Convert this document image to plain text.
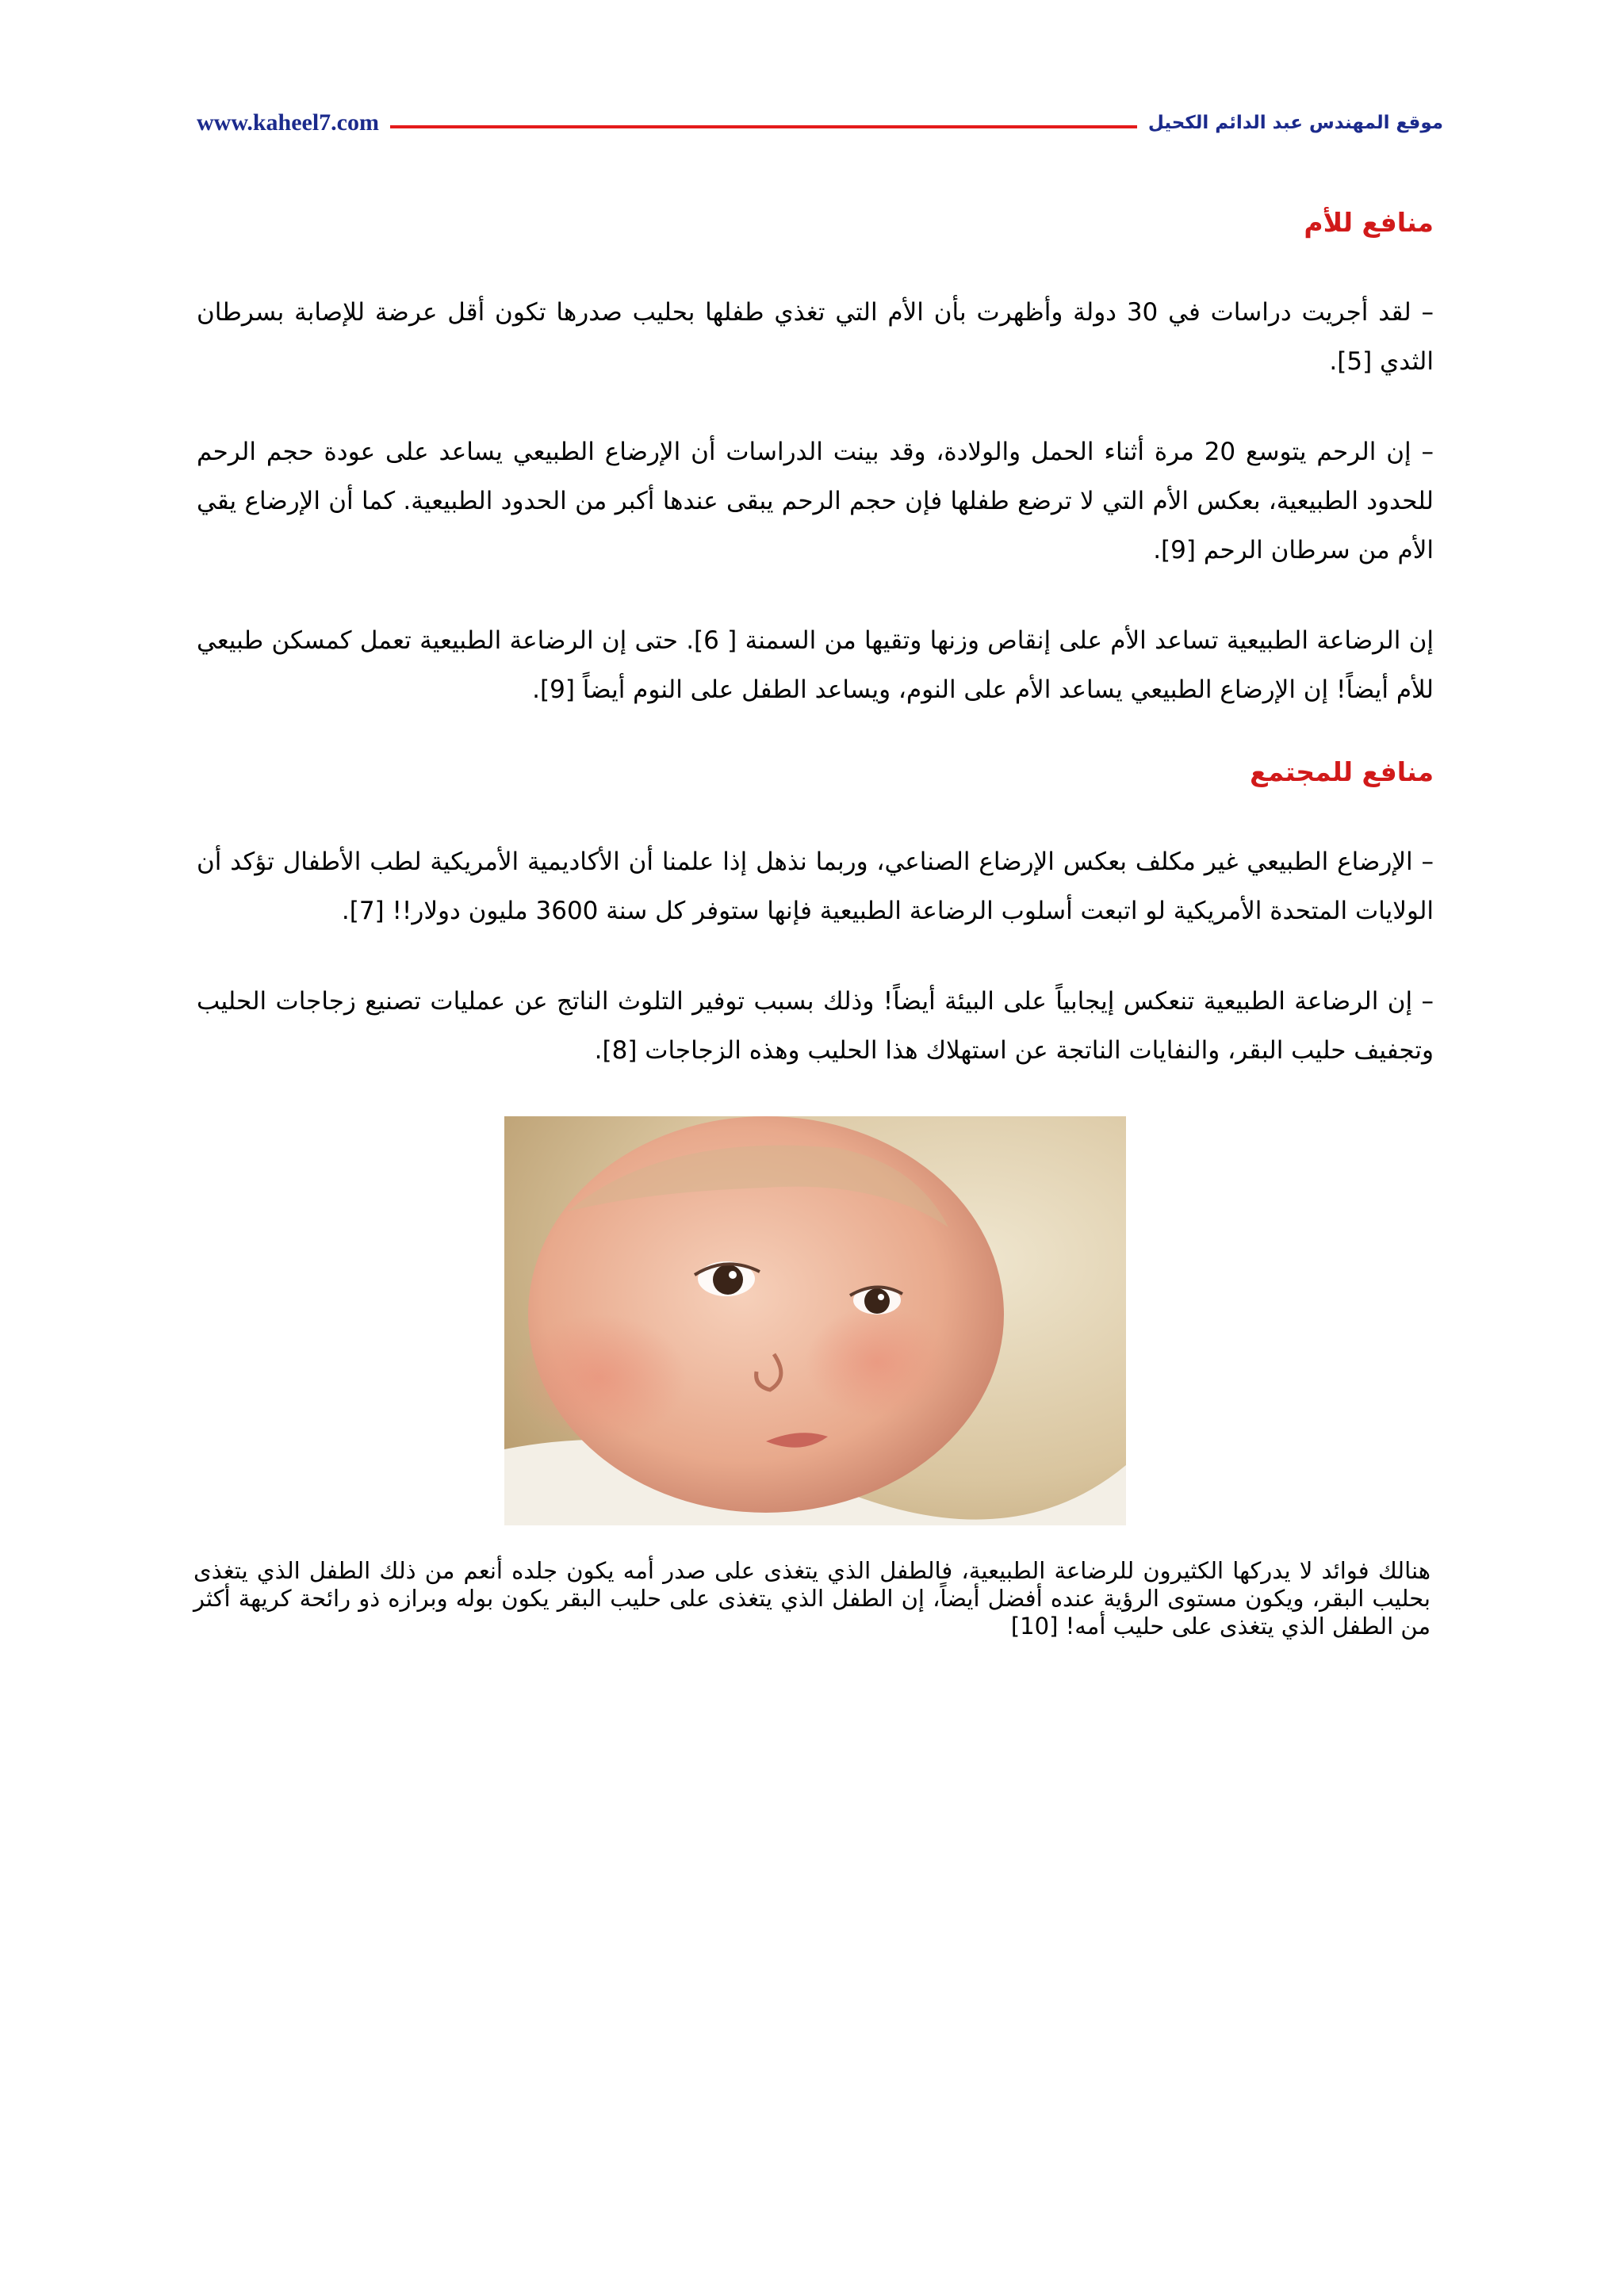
www.kaheel7.com	موقع المهندس عبد الدائم الكحيل
منافع للأم

– لقد أجريت دراسات في 30 دولة وأظهرت بأن الأم التي تغذي طفلها بحليب صدرها تكون أقل عرضة للإصابة بسرطان الثدي [5].

– إن الرحم يتوسع 20 مرة أثناء الحمل والولادة، وقد بينت الدراسات أن الإرضاع الطبيعي يساعد على عودة حجم الرحم للحدود الطبيعية، بعكس الأم التي لا ترضع طفلها فإن حجم الرحم يبقى عندها أكبر من الحدود الطبيعية. كما أن الإرضاع يقي الأم من سرطان الرحم [9].

إن الرضاعة الطبيعية تساعد الأم على إنقاص وزنها وتقيها من السمنة [ 6]. حتى إن الرضاعة الطبيعية تعمل كمسكن طبيعي للأم أيضاً! إن الإرضاع الطبيعي يساعد الأم على النوم، ويساعد الطفل على النوم أيضاً [9].

منافع للمجتمع

– الإرضاع الطبيعي غير مكلف بعكس الإرضاع الصناعي، وربما نذهل إذا علمنا أن الأكاديمية الأمريكية لطب الأطفال تؤكد أن الولايات المتحدة الأمريكية لو اتبعت أسلوب الرضاعة الطبيعية فإنها ستوفر كل سنة 3600 مليون دولار!! [7].

– إن الرضاعة الطبيعية تنعكس إيجابياً على البيئة أيضاً! وذلك بسبب توفير التلوث الناتج عن عمليات تصنيع زجاجات الحليب وتجفيف حليب البقر، والنفايات الناتجة عن استهلاك هذا الحليب وهذه الزجاجات [8].

هنالك فوائد لا يدركها الكثيرون للرضاعة الطبيعية، فالطفل الذي يتغذى على صدر أمه يكون جلده أنعم من ذلك الطفل الذي يتغذى بحليب البقر، ويكون مستوى الرؤية عنده أفضل أيضاً، إن الطفل الذي يتغذى على حليب البقر يكون بوله وبرازه ذو رائحة كريهة أكثر من الطفل الذي يتغذى على حليب أمه! [10]
